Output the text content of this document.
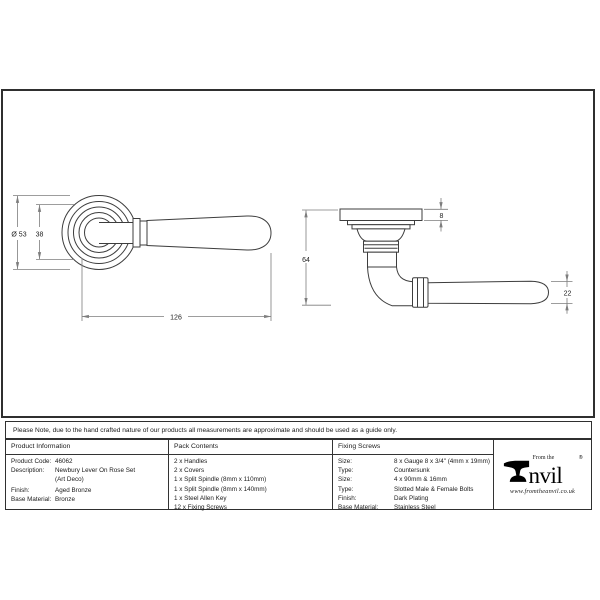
Ø 53 38
126
64
8
22
Please Note, due to the hand crafted nature of our products all measurements are approximate and should be used as a guide only.
Product Information
Product Code: 46062
Description:	Newbury Lever On Rose Set
(Art Deco)
Finish:	Aged Bronze
Base Material: Bronze
Pack Contents
2 x Handles
2 x Covers
1 x Split Spindle (8mm x 110mm)
1 x Split Spindle (8mm x 140mm)
1 x Steel Allen Key
12 x Fixing Screws
Fixing Screws
Size:	8 x Gauge 8 x 3/4" (4mm x 19mm)
Type:	Countersunk
Size:	4 x 90mm & 16mm
Type:	Slotted Male & Female Bolts
Finish:	Dark Plating
Base Material:	Stainless Steel
From the
nvil
®
www.fromtheanvil.co.uk
